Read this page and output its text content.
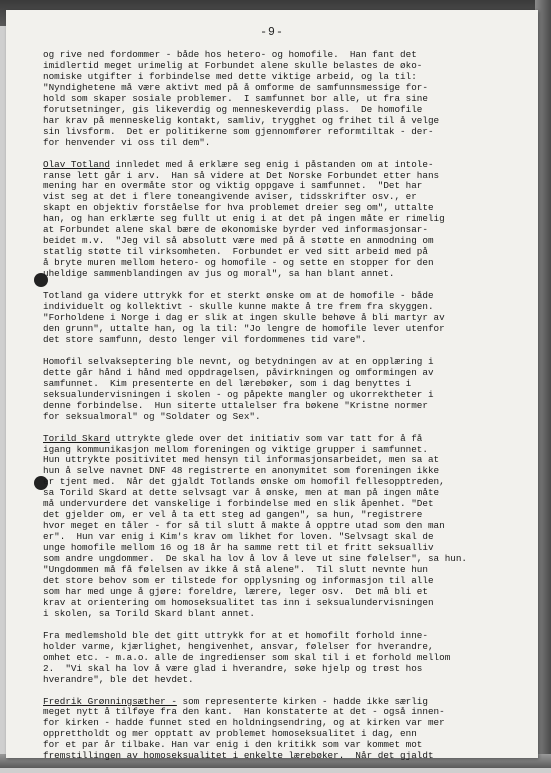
-9-
og rive ned fordommer - både hos hetero- og homofile.  Han fant det
imidlertid meget urimelig at Forbundet alene skulle belastes de øko-
nomiske utgifter i forbindelse med dette viktige arbeid, og la til:
"Nyndighetene må være aktivt med på å omforme de samfunnsmessige for-
hold som skaper sosiale problemer.  I samfunnet bor alle, ut fra sine
forutsetninger, gis likeverdig og menneskeverdig plass.  De homofile
har krav på menneskelig kontakt, samliv, trygghet og frihet til å velge
sin livsform.  Det er politikerne som gjennomfører reformtiltak - der-
for henvender vi oss til dem".
Olav Totland innledet med å erklære seg enig i påstanden om at intole-
ranse lett går i arv.  Han så videre at Det Norske Forbundet etter hans
mening har en overmåte stor og viktig oppgave i samfunnet.  "Det har
vist seg at det i flere toneangivende aviser, tidsskrifter osv., er
skapt en objektiv forståelse for hva problemet dreier seg om", uttalte
han, og han erklærte seg fullt ut enig i at det på ingen måte er rimelig
at Forbundet alene skal bære de økonomiske byrder ved informasjonsar-
beidet m.v.  "Jeg vil så absolutt være med på å støtte en anmodning om
statlig støtte til virksomheten.  Forbundet er ved sitt arbeid med på
å bryte muren mellom hetero- og homofile - og sette en stopper for den
uheldige sammenblandingen av jus og moral", sa han blant annet.
Totland ga videre uttrykk for et sterkt ønske om at de homofile - både
individuelt og kollektivt - skulle kunne makte å tre frem fra skyggen.
"Forholdene i Norge i dag er slik at ingen skulle behøve å bli martyr av
den grunn", uttalte han, og la til: "Jo lengre de homofile lever utenfor
det store samfunn, desto lenger vil fordommenes tid vare".
Homofil selvaksepte​ring ble nevnt, og betydningen av at en opplæring i
dette går hånd i hånd med oppdragelsen, påvirkningen og omformingen av
samfunnet.  Kim presenterte en del lærebøker, som i dag benyttes i
seksualundervisningen i skolen - og påpekte mangler og ukorrektheter i
denne forbindelse.  Hun siterte uttalelser fra bøkene "Kristne normer
for seksualmoral" og "Soldater og Sex".
Torild Skard uttrykte glede over det initiativ som var tatt for å få
igang kommunikasjon mellom foreningen og viktige grupper i samfunnet.
Hun uttrykte positivitet med hensyn til informasjonsarbeidet, men sa at
hun å selve navnet DNF 48 registrerte en anonymitet som foreningen ikke
er tjent med.  Når det gjaldt Totlands ønske om homofil fellesopptreden,
sa Torild Skard at dette selvsagt var å ønske, men at man på ingen måte
må undervurdere det vanskelige i forbindelse med en slik åpenhet. "Det
det gjelder om, er vel å ta ett steg ad gangen", sa hun, "registrere
hvor meget en tåler - for så til slutt å makte å opptre utad som den man
er".  Hun var enig i Kim's krav om likhet for loven. "Selvsagt skal de
unge homofile mellom 16 og 18 år ha samme rett til et fritt seksualliv
som andre ungdommer.  De skal ha lov å lov å leve ut sine følelser", sa hun.
"Ungdommen må få følelsen av ikke å stå alene".  Til slutt nevnte hun
det store behov som er tilstede for opplysning og informasjon til alle
som har med unge å gjøre: foreldre, lærere, leger osv.  Det må bli et
krav at orientering om homoseksualitet tas inn i seksualundervisningen
i skolen, sa Torild Skard blant annet.
Fra medlemshold ble det gitt uttrykk for at et homofilt forhold inne-
holder varme, kjærlighet, hengivenhet, ansvar, følelser for hverandre,
omhet etc. - m.a.o. alle de ingredienser som skal til i et forhold mellom
2.  "Vi skal ha lov å være glad i hverandre, søke hjelp og trøst hos
hverandre", ble det hevdet.
Fredrik Grønningsæther - som representerte kirken - hadde ikke særlig
meget nytt å tilføye fra den kant.  Han konstaterte at det - også innen-
for kirken - hadde funnet sted en holdningsendring, og at kirken var mer
opprettholdt og mer opptatt av problemet homoseksualitet i dag, enn
for et par år tilbake. Han var enig i den kritikk som var kommet mot
fremstillingen av homoseksualitet i enkelte lærebøker.  Når det gjaldt
